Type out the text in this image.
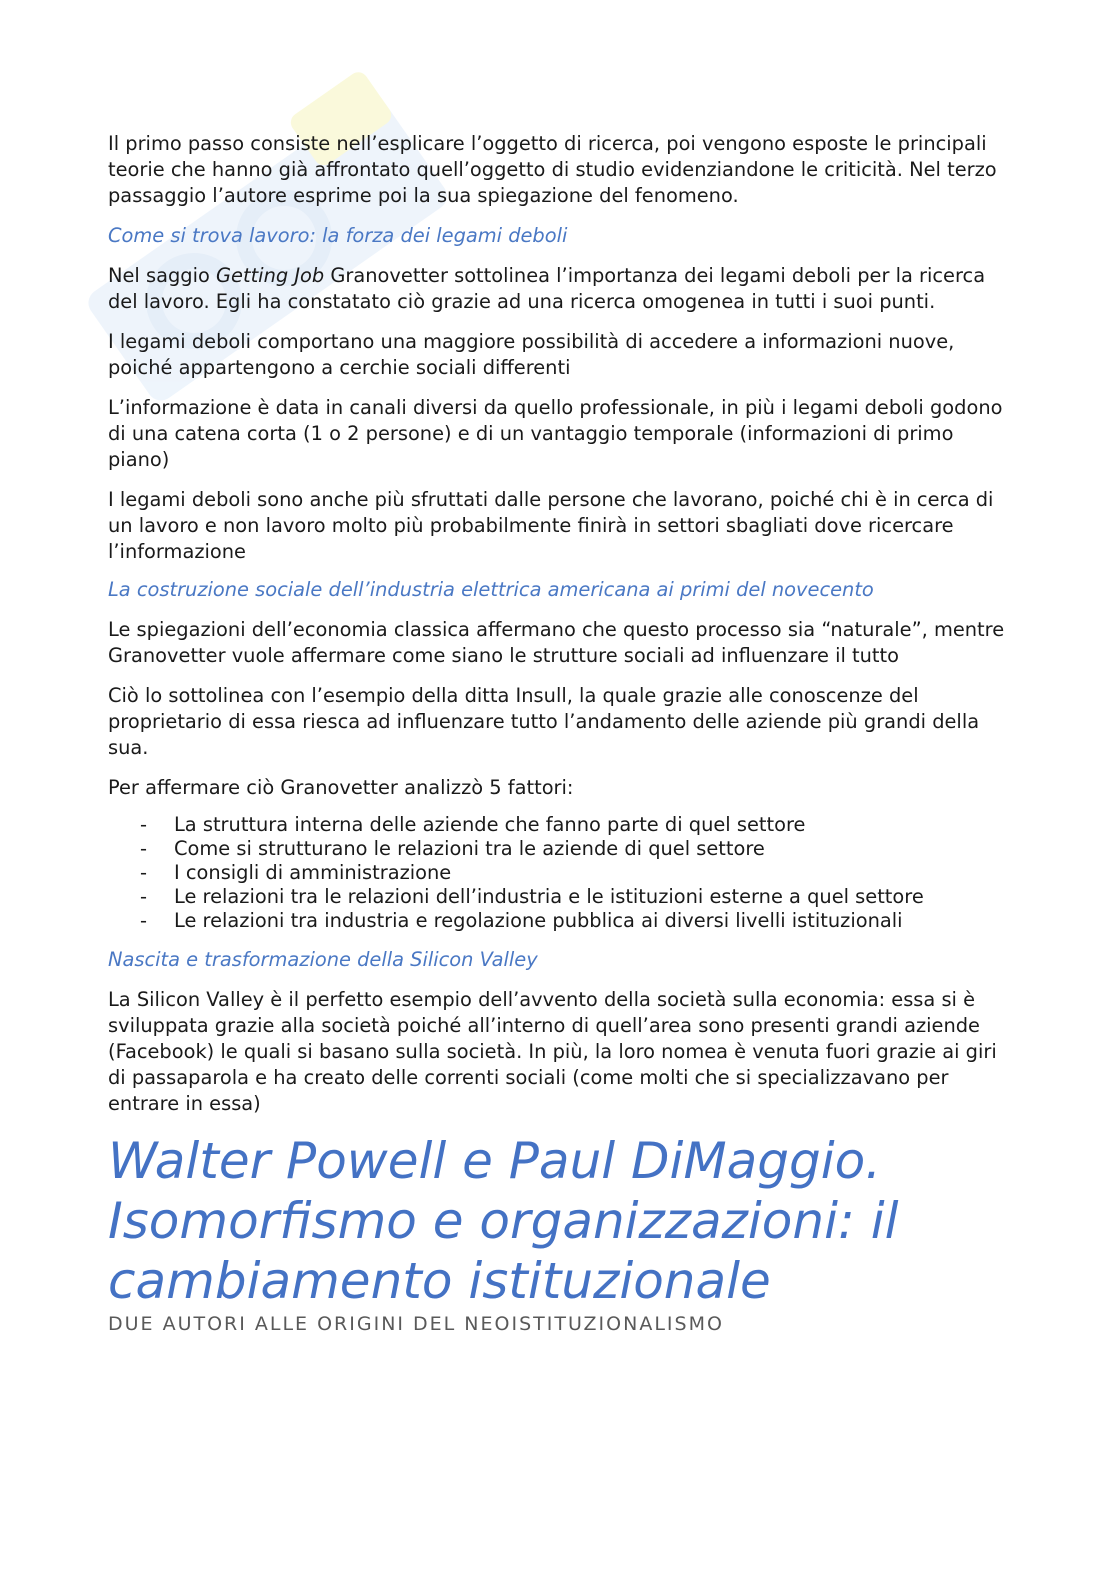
Il primo passo consiste nell’esplicare l’oggetto di ricerca, poi vengono esposte le principali teorie che hanno già affrontato quell’oggetto di studio evidenziandone le criticità. Nel terzo passaggio l’autore esprime poi la sua spiegazione del fenomeno.

Come si trova lavoro: la forza dei legami deboli

Nel saggio Getting Job Granovetter sottolinea l’importanza dei legami deboli per la ricerca del lavoro. Egli ha constatato ciò grazie ad una ricerca omogenea in tutti i suoi punti.

I legami deboli comportano una maggiore possibilità di accedere a informazioni nuove, poiché appartengono a cerchie sociali differenti

L’informazione è data in canali diversi da quello professionale, in più i legami deboli godono di una catena corta (1 o 2 persone) e di un vantaggio temporale (informazioni di primo piano)

I legami deboli sono anche più sfruttati dalle persone che lavorano, poiché chi è in cerca di un lavoro e non lavoro molto più probabilmente finirà in settori sbagliati dove ricercare l’informazione

La costruzione sociale dell’industria elettrica americana ai primi del novecento

Le spiegazioni dell’economia classica affermano che questo processo sia “naturale”, mentre Granovetter vuole affermare come siano le strutture sociali ad influenzare il tutto

Ciò lo sottolinea con l’esempio della ditta Insull, la quale grazie alle conoscenze del proprietario di essa riesca ad influenzare tutto l’andamento delle aziende più grandi della sua.

Per affermare ciò Granovetter analizzò 5 fattori:

- La struttura interna delle aziende che fanno parte di quel settore
- Come si strutturano le relazioni tra le aziende di quel settore
- I consigli di amministrazione
- Le relazioni tra le relazioni dell’industria e le istituzioni esterne a quel settore
- Le relazioni tra industria e regolazione pubblica ai diversi livelli istituzionali
Nascita e trasformazione della Silicon Valley

La Silicon Valley è il perfetto esempio dell’avvento della società sulla economia: essa si è sviluppata grazie alla società poiché all’interno di quell’area sono presenti grandi aziende (Facebook) le quali si basano sulla società. In più, la loro nomea è venuta fuori grazie ai giri di passaparola e ha creato delle correnti sociali (come molti che si specializzavano per entrare in essa)

Walter Powell e Paul DiMaggio. Isomorfismo e organizzazioni: il cambiamento istituzionale
DUE AUTORI ALLE ORIGINI DEL NEOISTITUZIONALISMO
